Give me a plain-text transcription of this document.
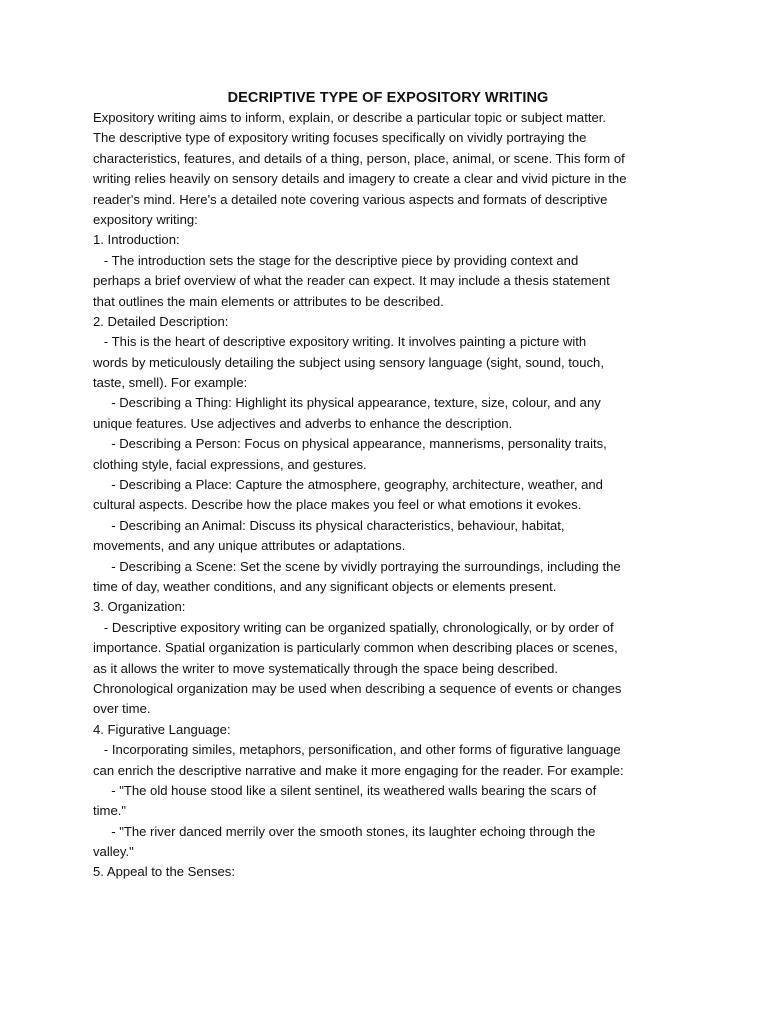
DECRIPTIVE TYPE OF EXPOSITORY WRITING
Expository writing aims to inform, explain, or describe a particular topic or subject matter.
The descriptive type of expository writing focuses specifically on vividly portraying the
characteristics, features, and details of a thing, person, place, animal, or scene. This form of
writing relies heavily on sensory details and imagery to create a clear and vivid picture in the
reader's mind. Here's a detailed note covering various aspects and formats of descriptive
expository writing:
1. Introduction:
- The introduction sets the stage for the descriptive piece by providing context and
perhaps a brief overview of what the reader can expect. It may include a thesis statement
that outlines the main elements or attributes to be described.
2. Detailed Description:
- This is the heart of descriptive expository writing. It involves painting a picture with
words by meticulously detailing the subject using sensory language (sight, sound, touch,
taste, smell). For example:
- Describing a Thing: Highlight its physical appearance, texture, size, colour, and any
unique features. Use adjectives and adverbs to enhance the description.
- Describing a Person: Focus on physical appearance, mannerisms, personality traits,
clothing style, facial expressions, and gestures.
- Describing a Place: Capture the atmosphere, geography, architecture, weather, and
cultural aspects. Describe how the place makes you feel or what emotions it evokes.
- Describing an Animal: Discuss its physical characteristics, behaviour, habitat,
movements, and any unique attributes or adaptations.
- Describing a Scene: Set the scene by vividly portraying the surroundings, including the
time of day, weather conditions, and any significant objects or elements present.
3. Organization:
- Descriptive expository writing can be organized spatially, chronologically, or by order of
importance. Spatial organization is particularly common when describing places or scenes,
as it allows the writer to move systematically through the space being described.
Chronological organization may be used when describing a sequence of events or changes
over time.
4. Figurative Language:
- Incorporating similes, metaphors, personification, and other forms of figurative language
can enrich the descriptive narrative and make it more engaging for the reader. For example:
- "The old house stood like a silent sentinel, its weathered walls bearing the scars of
time."
- "The river danced merrily over the smooth stones, its laughter echoing through the
valley."
5. Appeal to the Senses:
